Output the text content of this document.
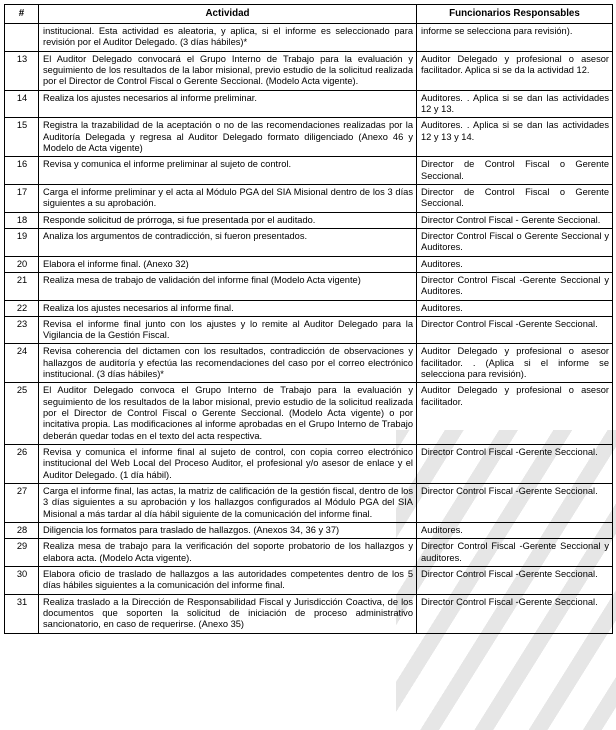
#	Actividad	Funcionarios Responsables
	institucional. Esta actividad es aleatoria, y aplica, si el informe es seleccionado para revisión por el Auditor Delegado. (3 días hábiles)*	informe se selecciona para revisión).
13	El Auditor Delegado convocará el Grupo Interno de Trabajo para la evaluación y seguimiento de los resultados de la labor misional, previo estudio de la solicitud realizada por el Director de Control Fiscal o Gerente Seccional. (Modelo Acta vigente).	Auditor Delegado y profesional o asesor facilitador. Aplica si se da la actividad 12.
14	Realiza los ajustes necesarios al informe preliminar.	Auditores. . Aplica si se dan las actividades 12 y 13.
15	Registra la trazabilidad de la aceptación o no de las recomendaciones realizadas por la Auditoría Delegada y regresa al Auditor Delegado formato diligenciado (Anexo 46 y Modelo de Acta vigente)	Auditores. . Aplica si se dan las actividades 12 y 13 y 14.
16	Revisa y comunica el informe preliminar al sujeto de control.	Director de Control Fiscal o Gerente Seccional.
17	Carga el informe preliminar y el acta al Módulo PGA del SIA Misional dentro de los 3 días siguientes a su aprobación.	Director de Control Fiscal o Gerente Seccional.
18	Responde solicitud de prórroga, si fue presentada por el auditado.	Director Control Fiscal - Gerente Seccional.
19	Analiza los argumentos de contradicción, si fueron presentados.	Director Control Fiscal o Gerente Seccional y Auditores.
20	Elabora el informe final. (Anexo 32)	Auditores.
21	Realiza mesa de trabajo de validación del informe final (Modelo Acta vigente)	Director Control Fiscal -Gerente Seccional y Auditores.
22	Realiza los ajustes necesarios al informe final.	Auditores.
23	Revisa el informe final junto con los ajustes y lo remite al Auditor Delegado para la Vigilancia de la Gestión Fiscal.	Director Control Fiscal -Gerente Seccional.
24	Revisa coherencia del dictamen con los resultados, contradicción de observaciones y hallazgos de auditoría y efectúa las recomendaciones del caso por el correo electrónico institucional. (3 días hábiles)*	Auditor Delegado y profesional o asesor facilitador. . (Aplica si el informe se selecciona para revisión).
25	El Auditor Delegado convoca el Grupo Interno de Trabajo para la evaluación y seguimiento de los resultados de la labor misional, previo estudio de la solicitud realizada por el Director de Control Fiscal o Gerente Seccional. (Modelo Acta vigente) o por incitativa propia. Las modificaciones al informe aprobadas en el Grupo Interno de Trabajo deberán quedar todas en el texto del acta respectiva.	Auditor Delegado y profesional o asesor facilitador.
26	Revisa y comunica el informe final al sujeto de control, con copia correo electrónico institucional del Web Local del Proceso Auditor, el profesional y/o asesor de enlace y el Auditor Delegado. (1 día hábil).	Director Control Fiscal -Gerente Seccional.
27	Carga el informe final, las actas, la matriz de calificación de la gestión fiscal, dentro de los 3 días siguientes a su aprobación y los hallazgos configurados al Módulo PGA del SIA Misional a más tardar al día hábil siguiente de la comunicación del informe final.	Director Control Fiscal -Gerente Seccional.
28	Diligencia los formatos para traslado de hallazgos. (Anexos 34, 36 y 37)	Auditores.
29	Realiza mesa de trabajo para la verificación del soporte probatorio de los hallazgos y elabora acta. (Modelo Acta vigente).	Director Control Fiscal -Gerente Seccional y auditores.
30	Elabora oficio de traslado de hallazgos a las autoridades competentes dentro de los 5 días hábiles siguientes a la comunicación del informe final.	Director Control Fiscal -Gerente Seccional.
31	Realiza traslado a la Dirección de Responsabilidad Fiscal y Jurisdicción Coactiva, de los documentos que soporten la solicitud de iniciación de proceso administrativo sancionatorio, en caso de requerirse. (Anexo 35)	Director Control Fiscal -Gerente Seccional.
